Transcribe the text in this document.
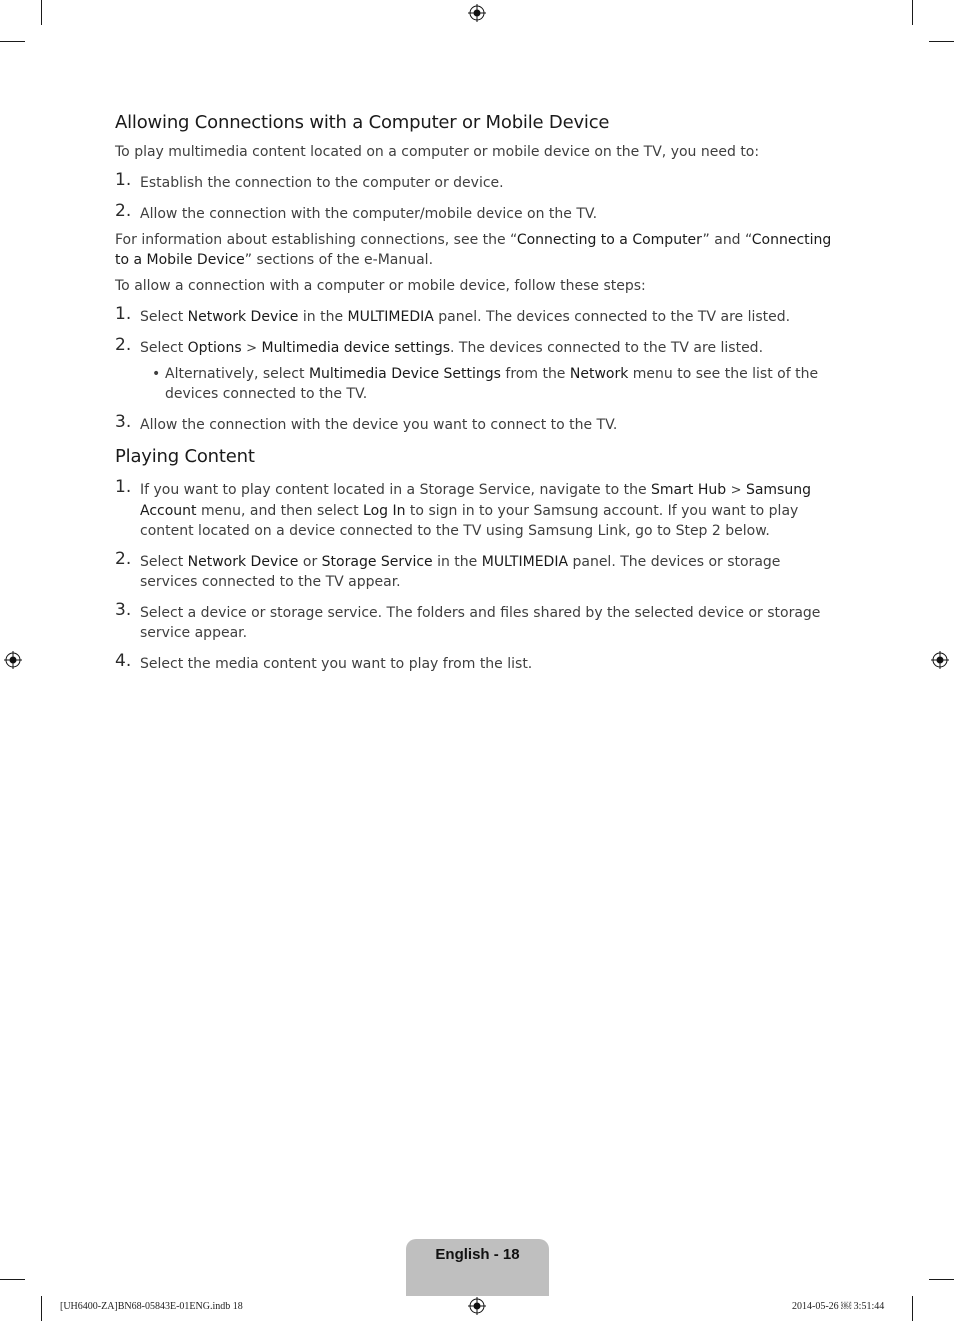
Allowing Connections with a Computer or Mobile Device

To play multimedia content located on a computer or mobile device on the TV, you need to:

1. Establish the connection to the computer or device.
2. Allow the connection with the computer/mobile device on the TV.

For information about establishing connections, see the “Connecting to a Computer” and “Connecting to a Mobile Device” sections of the e-Manual.

To allow a connection with a computer or mobile device, follow these steps:

1. Select Network Device in the MULTIMEDIA panel. The devices connected to the TV are listed.
2. Select Options > Multimedia device settings. The devices connected to the TV are listed.
• Alternatively, select Multimedia Device Settings from the Network menu to see the list of the devices connected to the TV.
3. Allow the connection with the device you want to connect to the TV.
Playing Content
1. If you want to play content located in a Storage Service, navigate to the Smart Hub > Samsung Account menu, and then select Log In to sign in to your Samsung account. If you want to play content located on a device connected to the TV using Samsung Link, go to Step 2 below.
2. Select Network Device or Storage Service in the MULTIMEDIA panel. The devices or storage services connected to the TV appear.
3. Select a device or storage service. The folders and files shared by the selected device or storage service appear.
4. Select the media content you want to play from the list.
English - 18
[UH6400-ZA]BN68-05843E-01ENG.indb 18	2014-05-26 ￼ 3:51:44
